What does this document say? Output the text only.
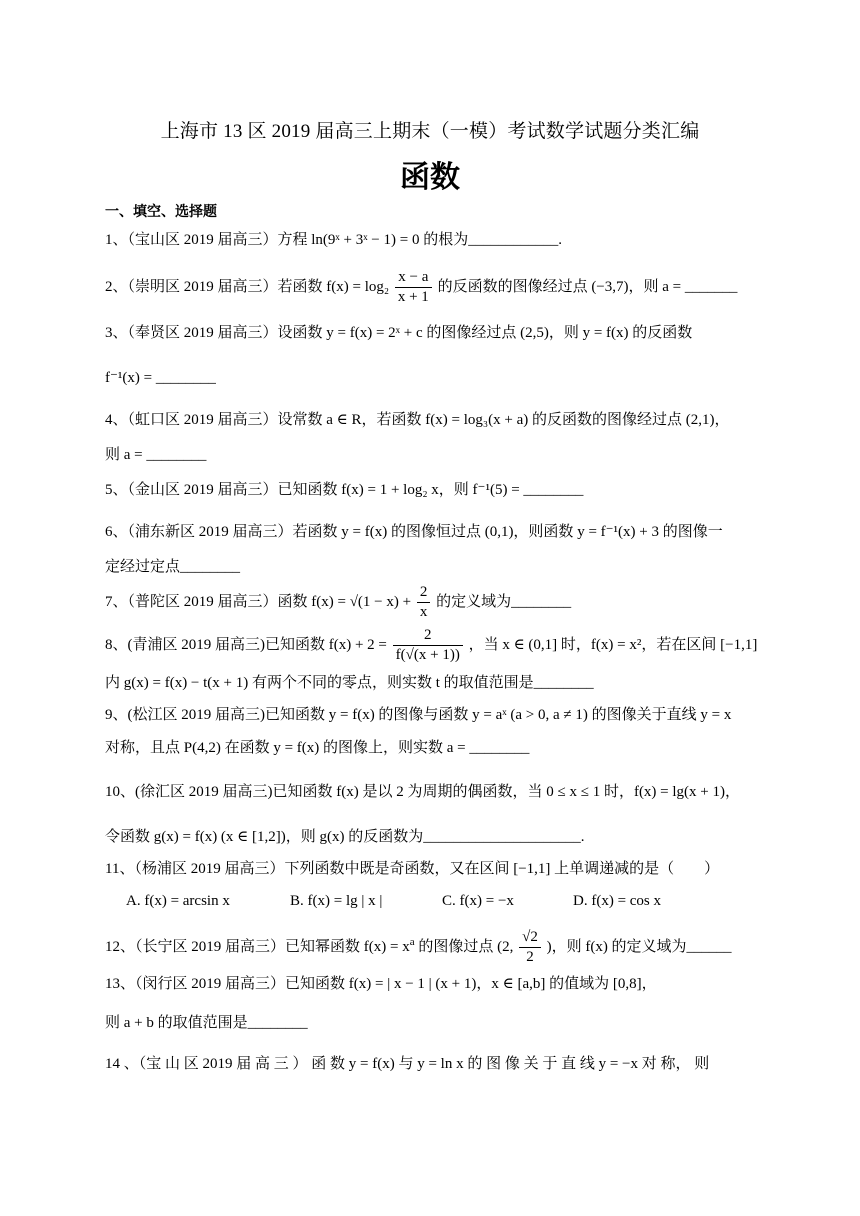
上海市 13 区 2019 届高三上期末（一模）考试数学试题分类汇编
函数
一、填空、选择题
1、（宝山区 2019 届高三）方程 ln(9ˣ + 3ˣ − 1) = 0 的根为____________.
2、（崇明区 2019 届高三）若函数 $f(x) = \log_2 \frac{x - a}{x + 1}$ 的反函数的图像经过点 (−3,7)，则 a = _______
3、（奉贤区 2019 届高三）设函数 y = f(x) = 2ˣ + c 的图像经过点 (2,5)，则 y = f(x) 的反函数
f⁻¹(x) = ________
4、（虹口区 2019 届高三）设常数 a ∈ R，若函数 f(x) = log₃(x + a) 的反函数的图像经过点 (2,1)，
则 a = ________
5、（金山区 2019 届高三）已知函数 f(x) = 1 + log₂ x，则 f⁻¹(5) = ________
6、（浦东新区 2019 届高三）若函数 y = f(x) 的图像恒过点 (0,1)，则函数 y = f⁻¹(x) + 3 的图像一
定经过定点________
7、（普陀区 2019 届高三）函数 $f(x) = √(1 - x) + \frac{2}{x}$ 的定义域为________
8、(青浦区 2019 届高三)已知函数 $f(x) + 2 = \frac{2}{f(√(x + 1))}$ ，当 x ∈ (0,1] 时，f(x) = x²，若在区间 [−1,1]
内 g(x) = f(x) − t(x + 1) 有两个不同的零点，则实数 t 的取值范围是________
9、(松江区 2019 届高三)已知函数 y = f(x) 的图像与函数 y = aˣ (a > 0, a ≠ 1) 的图像关于直线 y = x
对称，且点 P(4,2) 在函数 y = f(x) 的图像上，则实数 a = ________
10、(徐汇区 2019 届高三)已知函数 f(x) 是以 2 为周期的偶函数，当 0 ≤ x ≤ 1 时，f(x) = lg(x + 1)，
令函数 g(x) = f(x) (x ∈ [1,2])，则 g(x) 的反函数为_____________________.
11、（杨浦区 2019 届高三）下列函数中既是奇函数，又在区间 [−1,1] 上单调递减的是（　　）
A. f(x) = arcsin x	B. f(x) = lg | x |	C. f(x) = −x	D. f(x) = cos x
12、（长宁区 2019 届高三）已知幂函数 $f(x) = x^a$ 的图像过点 (2, $\frac{√2}{2}$ )，则 f(x) 的定义域为______
13、（闵行区 2019 届高三）已知函数 f(x) = | x − 1 | (x + 1)，x ∈ [a,b] 的值域为 [0,8]，
则 a + b 的取值范围是________
14 、（宝 山 区 2019 届 高 三 ） 函 数 y = f(x) 与 y = ln x 的 图 像 关 于 直 线 y = −x 对 称， 则
